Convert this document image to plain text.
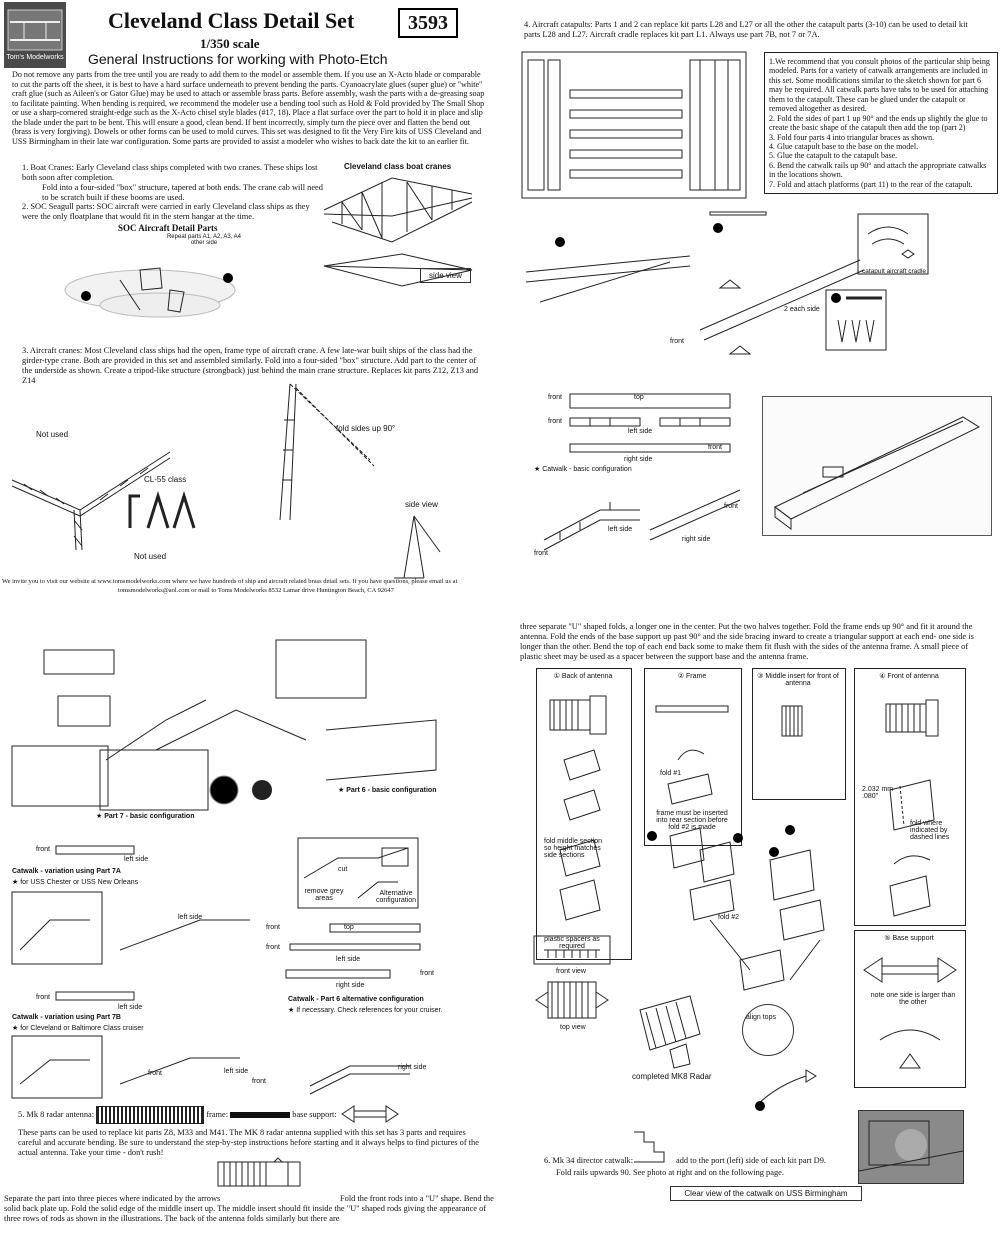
Tom's Modelworks
Cleveland Class Detail Set	3593
1/350 scale
General Instructions for working with Photo-Etch
Do not remove any parts from the tree until you are ready to add them to the model or assemble them. If you use an X-Acto blade or comparable to cut the parts off the sheet, it is best to have a hard surface underneath to prevent bending the parts. Cyanoacrylate glues (super glue) or "white" craft glue (such as Aileen's or Gator Glue) may be used to attach or assemble brass parts. Before assembly, wash the parts with a de-greasing soap to facilitate painting. When bending is required, we recommend the modeler use a bending tool such as Hold & Fold provided by The Small Shop or use a sharp-cornered straight-edge such as the X-Acto chisel style blades (#17, 18). Place a flat surface over the part to hold it in place and slip the blade under the part to be bent. This will ensure a good, clean bend. If bent incorrectly, simply turn the piece over and flatten the bend out (brass is very forgiving). Dowels or other forms can be used to mold curves. This set was designed to fit the Very Fire kits of USS Cleveland and USS Birmingham in their late war configuration. Some parts are provided to assist a modeler who wishes to back date the kit to an earlier fit.
1. Boat Cranes: Early Cleveland class ships completed with two cranes. These ships lost both soon after completion.
Fold into a four-sided "box" structure, tapered at both ends. The crane cab will need to be scratch built if these booms are used.
2. SOC Seagull parts: SOC aircraft were carried in early Cleveland class ships as they were the only floatplane that would fit in the stern hangar at the time.
Cleveland class boat cranes
side view
SOC Aircraft Detail Parts
Repeat parts A1, A2, A3, A4 other side
3. Aircraft cranes: Most Cleveland class ships had the open, frame type of aircraft crane. A few late-war built ships of the class had the girder-type crane. Both are provided in this set and assembled similarly. Fold into a four-sided "box" structure. Add part to the center of the underside as shown. Create a tripod-like structure (strongback) just behind the main crane structure. Replaces kit parts Z12, Z13 and Z14
Not used
CL-55 class
Not used
fold sides up 90°
side view
We invite you to visit our website at www.tomsmodelworks.com where we have hundreds of ship and aircraft related brass detail sets. If you have questions, please email us at
tomsmodelworks@aol.com or mail to Toms Modelworks 8532 Lamar drive Huntington Beach, CA 92647
4. Aircraft catapults: Parts 1 and 2 can replace kit parts L28 and L27 or all the other the catapult parts (3-10) can be used to detail kit parts L28 and L27. Aircraft cradle replaces kit part L1. Always use part 7B, not 7 or 7A.
1.We recommend that you consult photos of the particular ship being modeled. Parts for a variety of catwalk arrangements are included in this set. Some modifications similar to the sketch shown for part 6 may be required. All catwalk parts have tabs to be used for attaching them to the catapult. These can be glued under the catapult or removed altogether as desired.
2. Fold the sides of part 1 up 90° and the ends up slightly the glue to create the basic shape of the catapult then add the top (part 2)
3. Fold four parts 4 into triangular braces as shown.
4. Glue catapult base to the base on the model.
5. Glue the catapult to the catapult base.
6. Bend the catwalk rails up 90° and attach the appropriate catwalks in the locations shown.
7. Fold and attach platforms (part 11) to the rear of the catapult.
front
2 each side
catapult aircraft cradle
front	top
front
left side
front
right side
★ Catwalk - basic configuration
front
left side
right side
front
★ Part 7 - basic configuration
★ Part 6 - basic configuration
cut
remove grey areas
Alternative configuration
front
left side
Catwalk - variation using Part 7A
★ for USS Chester or USS New Orleans
left side
front	top
front
left side
front
right side
Catwalk - Part 6 alternative configuration
★ If necessary. Check references for your cruiser.
front
left side
Catwalk - variation using Part 7B
★ for Cleveland or Baltimore Class cruiser
front	left side
right side
front
5. Mk 8 radar antenna:	frame:	base support:
These parts can be used to replace kit parts Z8, M33 and M41. The MK 8 radar antenna supplied with this set has 3 parts and requires careful and accurate bending. Be sure to understand the step-by-step instructions before starting and it always helps to find pictures of the actual antenna. Take your time - don't rush!
Separate the part into three pieces where indicated by the arrows	Fold the front rods into a "U" shape. Bend the solid back plate up. Fold the solid edge of the middle insert up. The middle insert should fit inside the "U" shaped rods giving the appearance of three rows of rods as shown in the illustrations. The back of the antenna folds similarly but there are
three separate "U" shaped folds, a longer one in the center. Put the two halves together. Fold the frame ends up 90° and fit it around the antenna. Fold the ends of the base support up past 90° and the side bracing inward to create a triangular support at each end- one side is longer than the other. Bend the top of each end back some to make them fit flush with the sides of the antenna frame. A small piece of plastic sheet may be used as a spacer between the support base and the antenna frame.
① Back of antenna
fold middle section so height matches side sections
② Frame
fold #1
frame must be inserted into rear section before fold #2 is made
③ Middle insert for front of antenna
④ Front of antenna
2.032 mm .080"
fold where indicated by dashed lines
fold #2
plastic spacers as required
front view
top view
completed MK8 Radar
align tops
⑤ Base support
note one side is larger than the other
6. Mk 34 director catwalk:	add to the port (left) side of each kit part D9.
Fold rails upwards 90. See photo at right and on the following page.
Clear view of the catwalk on USS Birmingham
